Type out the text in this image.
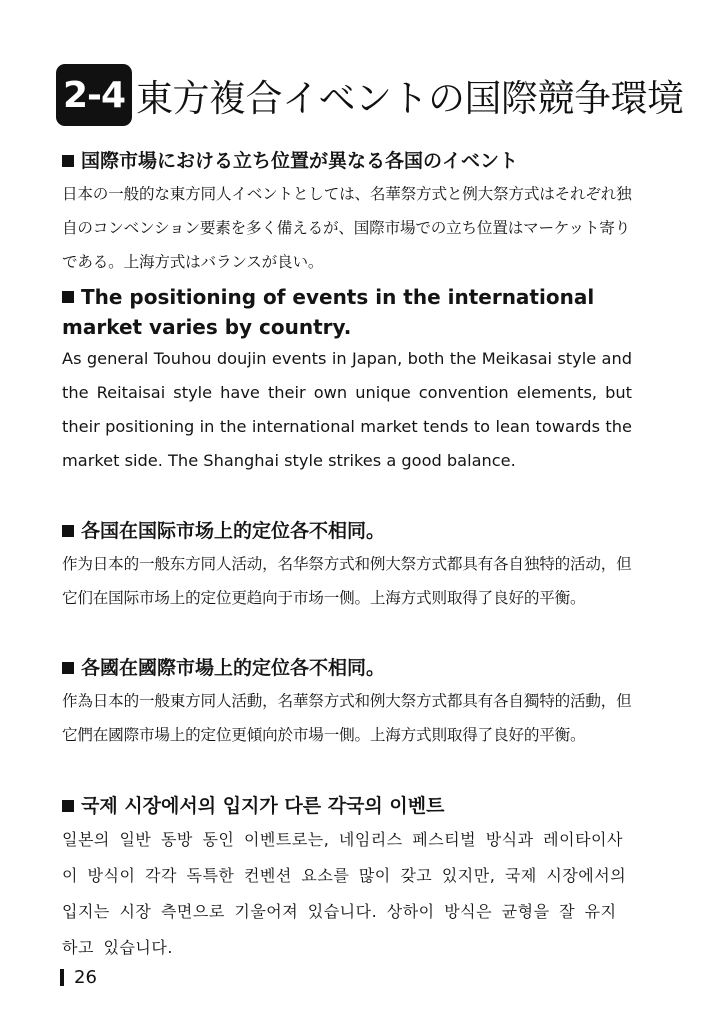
2-4 東方複合イベントの国際競争環境
国際市場における立ち位置が異なる各国のイベント

日本の一般的な東方同人イベントとしては、名華祭方式と例大祭方式はそれぞれ独自のコンベンション要素を多く備えるが、国際市場での立ち位置はマーケット寄りである。上海方式はバランスが良い。

The positioning of events in the international market varies by country.

As general Touhou doujin events in Japan, both the Meikasai style and the Reitaisai style have their own unique convention elements, but their positioning in the international market tends to lean towards the market side. The Shanghai style strikes a good balance.

各国在国际市场上的定位各不相同。

作为日本的一般东方同人活动，名华祭方式和例大祭方式都具有各自独特的活动，但它们在国际市场上的定位更趋向于市场一侧。上海方式则取得了良好的平衡。

各國在國際市場上的定位各不相同。

作為日本的一般東方同人活動，名華祭方式和例大祭方式都具有各自獨特的活動，但它們在國際市場上的定位更傾向於市場一側。上海方式則取得了良好的平衡。

국제 시장에서의 입지가 다른 각국의 이벤트

일본의 일반 동방 동인 이벤트로는, 네임리스 페스티벌 방식과 레이타이사이 방식이 각각 독특한 컨벤션 요소를 많이 갖고 있지만, 국제 시장에서의 입지는 시장 측면으로 기울어져 있습니다. 상하이 방식은 균형을 잘 유지하고 있습니다.

26
